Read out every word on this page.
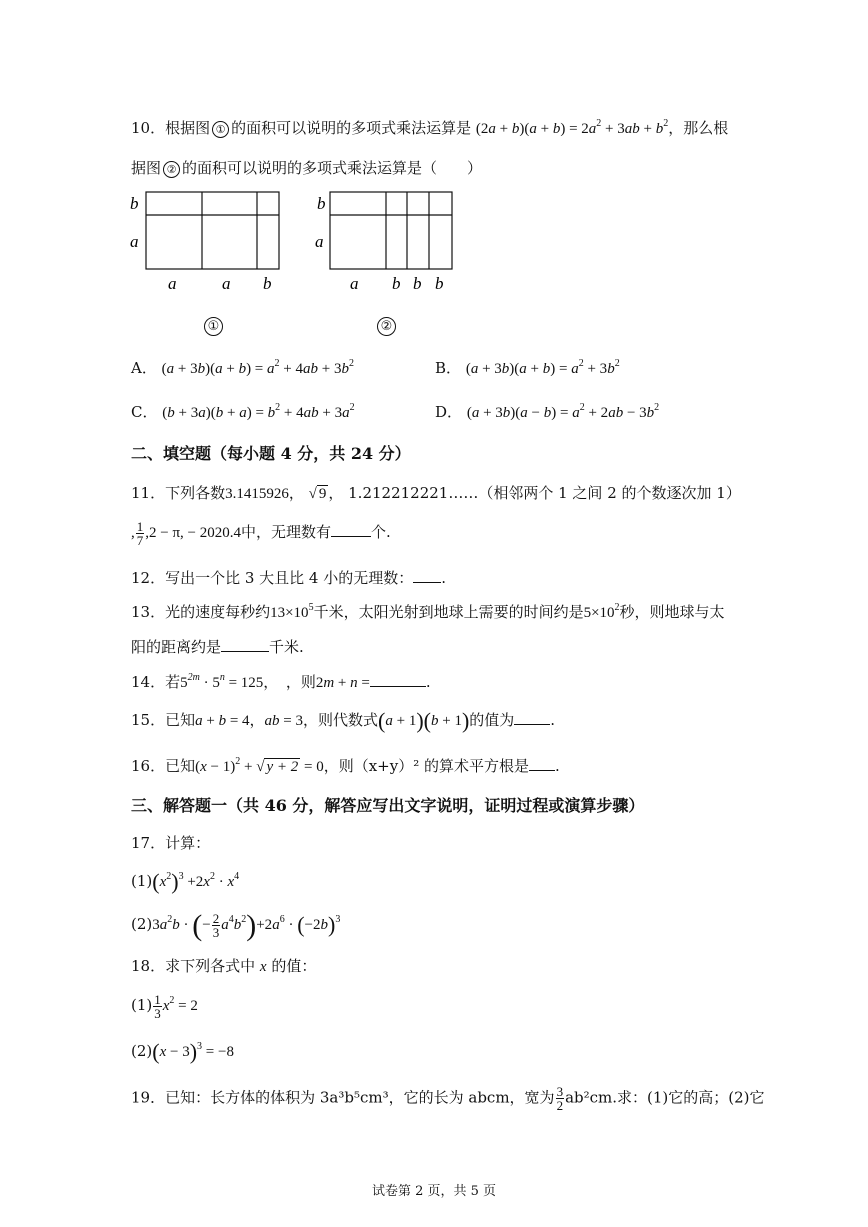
10．根据图 ① 的面积可以说明的多项式乘法运算是 $(2a + b)(a + b) = 2a^2 + 3ab + b^2$，那么根
据图 ② 的面积可以说明的多项式乘法运算是（　　）
b
a
a	a b
b
a
a b b b
①	②
A． $(a + 3b)(a + b) = a^2 + 4ab + 3b^2$	B． $(a + 3b)(a + b) = a^2 + 3b^2$
C． $(b + 3a)(b + a) = b^2 + 4ab + 3a^2$	D． $(a + 3b)(a - b) = a^2 + 2ab - 3b^2$
二、填空题（每小题 4 分，共 24 分）
11．下列各数3.1415926， √ 9 ， 1.212212221……（相邻两个 1 之间 2 的个数逐次加 1）
, $\frac{1}{7} ,2 - \pi$, − 2020.4中，无理数有	个.
12．写出一个比 3 大且比 4 小的无理数： .
13．光的速度每秒约$13\times 10^5$千米，太阳光射到地球上需要的时间约是$5\times 10^2$秒，则地球与太
阳的距离约是	千米.
14．若$5^{2m} \cdot 5^n = 125$，　，则2m + n =	.
15．已知a + b = 4，ab = 3，则代数式(a + 1)(b + 1)的值为 .
16．已知$(x - 1)^2$ + √ y + 2 = 0，则（x+y）² 的算术平方根是 .
三、解答题一（共 46 分，解答应写出文字说明，证明过程或演算步骤）
17．计算：
$(1)(x^2)^3 +2x^2 \cdot x^4$
$(2)3a^2b$ · (− $\frac{2}{3} a^4b^2)+2a^6 \cdot (-2b)^3$
18．求下列各式中 x 的值：
$(1) \frac{1}{3} x^2 = 2$
$(2)(x - 3)^3 = -8$
19．已知：长方体的体积为 3a³b⁵cm³，它的长为 abcm，宽为 $\frac{3}{2} ab^2cm$.求：(1)它的高；(2)它
试卷第 2 页，共 5 页
